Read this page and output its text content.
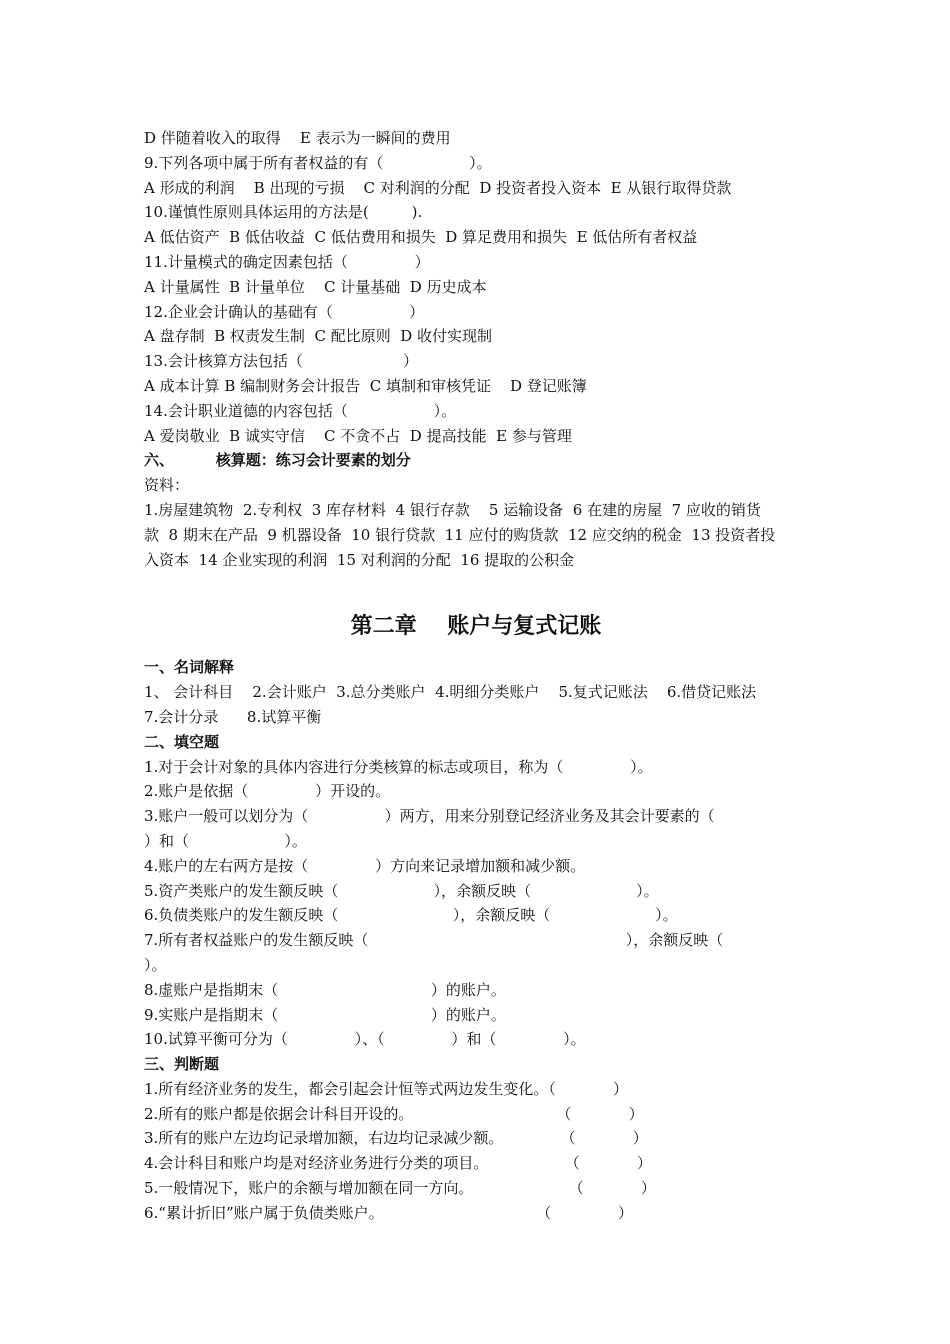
D 伴随着收入的取得    E 表示为一瞬间的费用
9.下列各项中属于所有者权益的有（                  ）。
A 形成的利润    B 出现的亏损    C 对利润的分配  D 投资者投入资本  E 从银行取得贷款
10.谨慎性原则具体运用的方法是(         ).
A 低估资产  B 低估收益  C 低估费用和损失  D 算足费用和损失  E 低估所有者权益
11.计量模式的确定因素包括（              ）
A 计量属性  B 计量单位    C 计量基础  D 历史成本
12.企业会计确认的基础有（                ）
A 盘存制  B 权责发生制  C 配比原则  D 收付实现制
13.会计核算方法包括（                     ）
A 成本计算 B 编制财务会计报告  C 填制和审核凭证    D 登记账簿
14.会计职业道德的内容包括（                  ）。
A 爱岗敬业  B 诚实守信    C 不贪不占  D 提高技能  E 参与管理
六、        核算题：练习会计要素的划分
资料：
1.房屋建筑物  2.专利权  3 库存材料  4 银行存款    5 运输设备  6 在建的房屋  7 应收的销货
款  8 期末在产品  9 机器设备  10 银行贷款  11 应付的购货款  12 应交纳的税金  13 投资者投
入资本  14 企业实现的利润  15 对利润的分配  16 提取的公积金
第二章    账户与复式记账
一、名词解释
1、 会计科目    2.会计账户  3.总分类账户  4.明细分类账户    5.复式记账法    6.借贷记账法
7.会计分录      8.试算平衡
二、填空题
1.对于会计对象的具体内容进行分类核算的标志或项目，称为（              ）。
2.账户是依据（              ）开设的。
3.账户一般可以划分为（                ）两方，用来分别登记经济业务及其会计要素的（
）和（                    ）。
4.账户的左右两方是按（              ）方向来记录增加额和减少额。
5.资产类账户的发生额反映（                    ），余额反映（                      ）。
6.负债类账户的发生额反映（                        ），余额反映（                      ）。
7.所有者权益账户的发生额反映（                                                      ），余额反映（
）。
8.虚账户是指期末（                                ）的账户。
9.实账户是指期末（                                ）的账户。
10.试算平衡可分为（              ）、（              ）和（              ）。
三、判断题
1.所有经济业务的发生，都会引起会计恒等式两边发生变化。（            ）
2.所有的账户都是依据会计科目开设的。                              （            ）
3.所有的账户左边均记录增加额，右边均记录减少额。            （            ）
4.会计科目和账户均是对经济业务进行分类的项目。                （            ）
5.一般情况下，账户的余额与增加额在同一方向。                    （            ）
6.“累计折旧”账户属于负债类账户。                                （              ）
